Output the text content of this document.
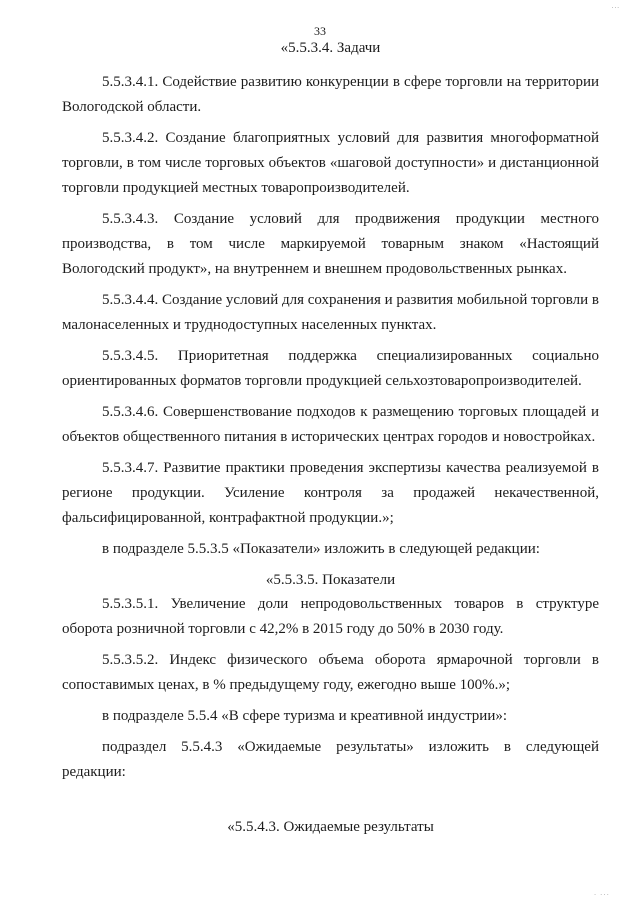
...
33

«5.5.3.4. Задачи

5.5.3.4.1. Содействие развитию конкуренции в сфере торговли на территории Вологодской области.

5.5.3.4.2. Создание благоприятных условий для развития многоформатной торговли, в том числе торговых объектов «шаговой доступности» и дистанционной торговли продукцией местных товаропроизводителей.

5.5.3.4.3. Создание условий для продвижения продукции местного производства, в том числе маркируемой товарным знаком «Настоящий Вологодский продукт», на внутреннем и внешнем продовольственных рынках.

5.5.3.4.4. Создание условий для сохранения и развития мобильной торговли в малонаселенных и труднодоступных населенных пунктах.

5.5.3.4.5. Приоритетная поддержка специализированных социально ориентированных форматов торговли продукцией сельхозтоваропроизводителей.

5.5.3.4.6. Совершенствование подходов к размещению торговых площадей и объектов общественного питания в исторических центрах городов и новостройках.

5.5.3.4.7. Развитие практики проведения экспертизы качества реализуемой в регионе продукции. Усиление контроля за продажей некачественной, фальсифицированной, контрафактной продукции.»;

в подразделе 5.5.3.5 «Показатели» изложить в следующей редакции:

«5.5.3.5. Показатели

5.5.3.5.1. Увеличение доли непродовольственных товаров в структуре оборота розничной торговли с 42,2% в 2015 году до 50% в 2030 году.

5.5.3.5.2. Индекс физического объема оборота ярмарочной торговли в сопоставимых ценах, в % предыдущему году, ежегодно выше 100%.»;

в подразделе 5.5.4 «В сфере туризма и креативной индустрии»:

подраздел 5.5.4.3 «Ожидаемые результаты» изложить в следующей редакции:

«5.5.4.3. Ожидаемые результаты

· ···
